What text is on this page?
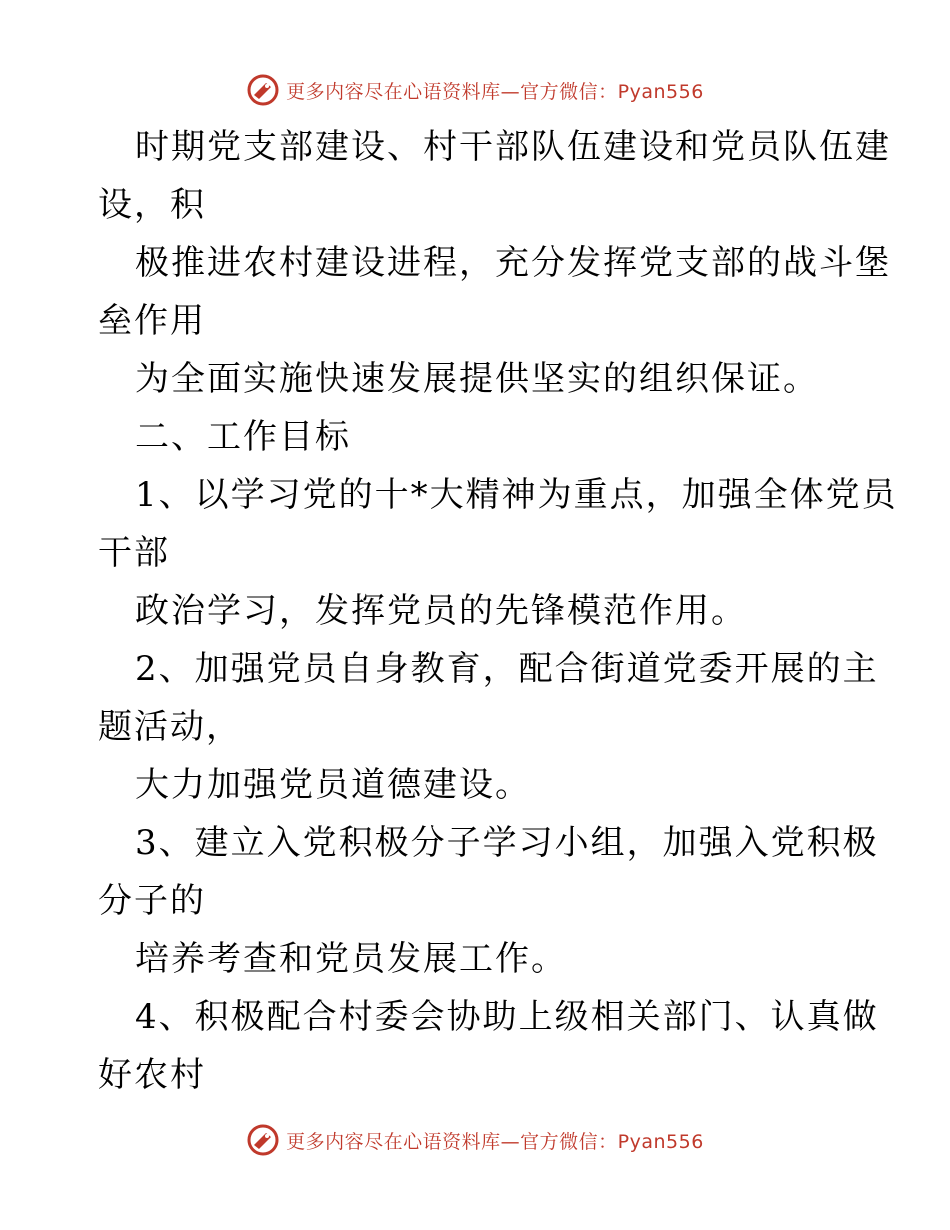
更多内容尽在心语资料库—官方微信：Pyan556
时期党支部建设、村干部队伍建设和党员队伍建
设，积
极推进农村建设进程，充分发挥党支部的战斗堡
垒作用
为全面实施快速发展提供坚实的组织保证。
二、工作目标
1、以学习党的十*大精神为重点，加强全体党员
干部
政治学习，发挥党员的先锋模范作用。
2、加强党员自身教育，配合街道党委开展的主
题活动，
大力加强党员道德建设。
3、建立入党积极分子学习小组，加强入党积极
分子的
培养考查和党员发展工作。
4、积极配合村委会协助上级相关部门、认真做
好农村
更多内容尽在心语资料库—官方微信：Pyan556
